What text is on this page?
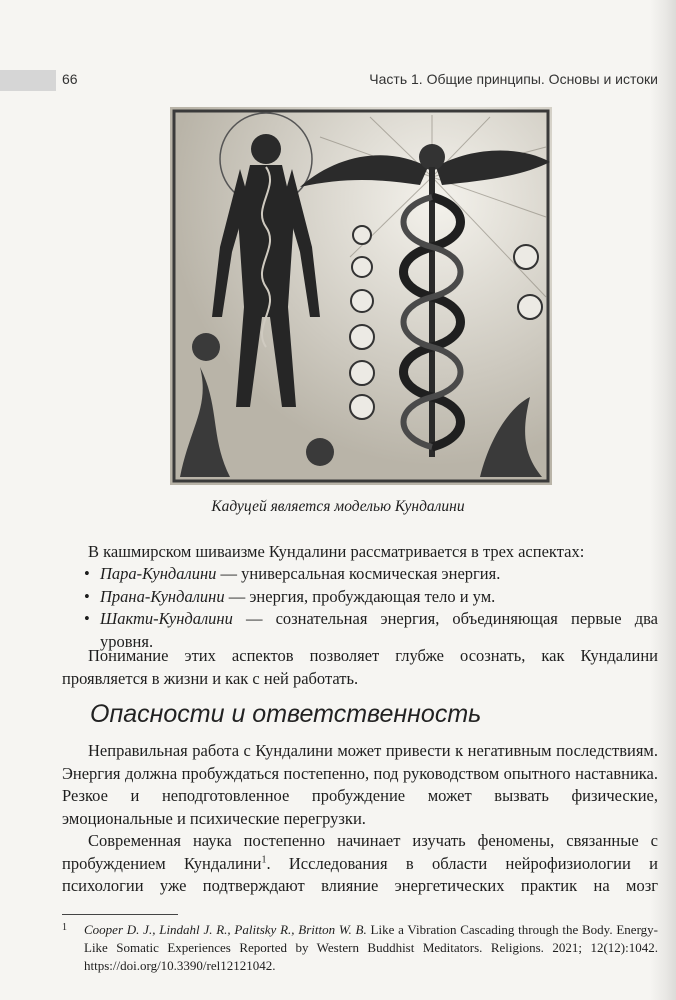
66	Часть 1. Общие принципы. Основы и истоки
Кадуцей является моделью Кундалини
В кашмирском шиваизме Кундалини рассматривается в трех аспектах:
• Пара-Кундалини — универсальная космическая энергия.
• Прана-Кундалини — энергия, пробуждающая тело и ум.
• Шакти-Кундалини — сознательная энергия, объединяющая первые два уровня.
Понимание этих аспектов позволяет глубже осознать, как Кундалини проявляется в жизни и как с ней работать.
Опасности и ответственность
Неправильная работа с Кундалини может привести к негативным последствиям. Энергия должна пробуждаться постепенно, под руководством опытного наставника. Резкое и неподготовленное пробуждение может вызвать физические, эмоциональные и психические перегрузки.
Современная наука постепенно начинает изучать феномены, связанные с пробуждением Кундалини$^1$. Исследования в области нейрофизиологии и психологии уже подтверждают влияние энергетических практик на мозг
1 Cooper D. J., Lindahl J. R., Palitsky R., Britton W. B. Like a Vibration Cascading through the Body. Energy-Like Somatic Experiences Reported by Western Buddhist Meditators. Religions. 2021; 12(12):1042. https://doi.org/10.3390/rel12121042.
